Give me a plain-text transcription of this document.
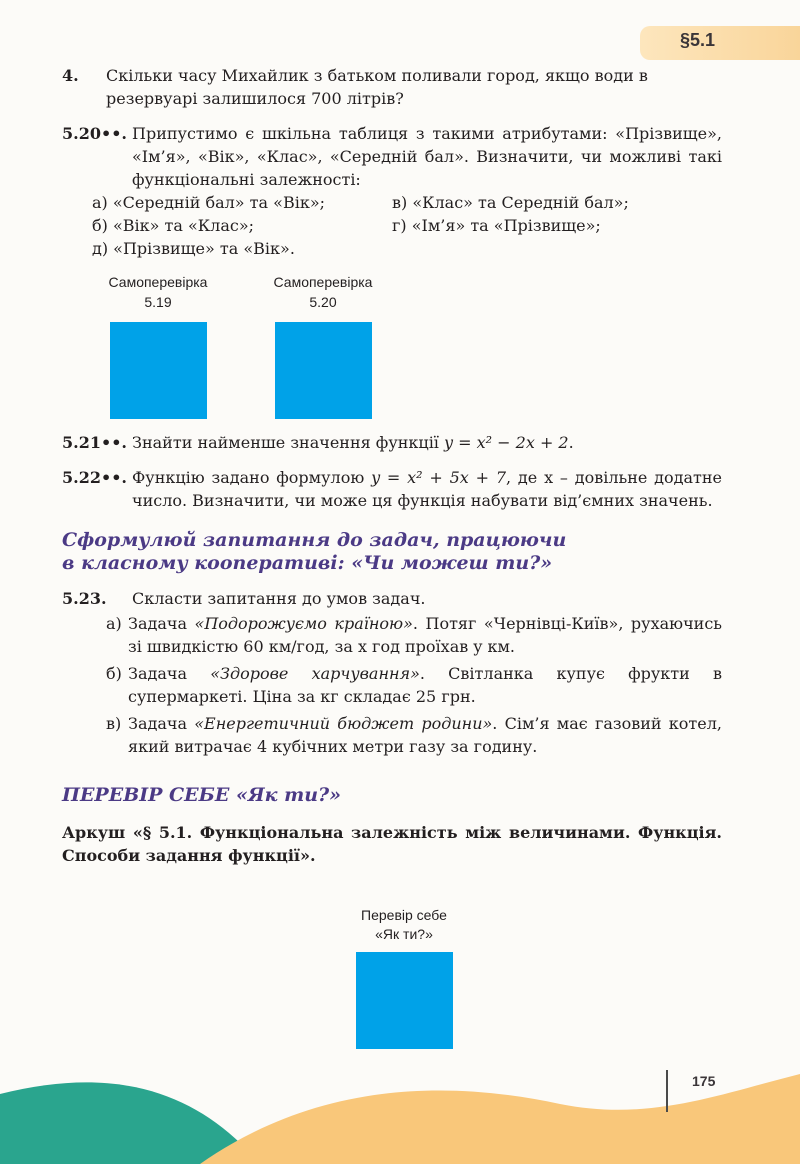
§5.1
4. Скільки часу Михайлик з батьком поливали город, якщо води в резервуарі залишилося 700 літрів?
5.20••. Припустимо є шкільна таблиця з такими атрибутами: «Прізвище», «Ім’я», «Вік», «Клас», «Середній бал». Визначити, чи можливі такі функціональні залежності:
а) «Середній бал» та «Вік»;	в) «Клас» та Середній бал»;
б) «Вік» та «Клас»;	г) «Ім’я» та «Прізвище»;
д) «Прізвище» та «Вік».
Самоперевірка
5.19
Самоперевірка
5.20
5.21••. Знайти найменше значення функції y = x² − 2x + 2.
5.22••. Функцію задано формулою y = x² + 5x + 7, де x – довільне додатне число. Визначити, чи може ця функція набувати від’ємних значень.
Сформулюй запитання до задач, працюючи
в класному кооперативі: «Чи можеш ти?»
5.23. Скласти запитання до умов задач.
а) Задача «Подорожуємо країною». Потяг «Чернівці-Київ», рухаючись зі швидкістю 60 км/год, за x год проїхав y км.
б) Задача «Здорове харчування». Світланка купує фрукти в супермаркеті. Ціна за кг складає 25 грн.
в) Задача «Енергетичний бюджет родини». Сім’я має газовий котел, який витрачає 4 кубічних метри газу за годину.
ПЕРЕВІР СЕБЕ «Як ти?»
Аркуш «§ 5.1. Функціональна залежність між величинами. Функція. Способи задання функції».
Перевір себе
«Як ти?»
175
